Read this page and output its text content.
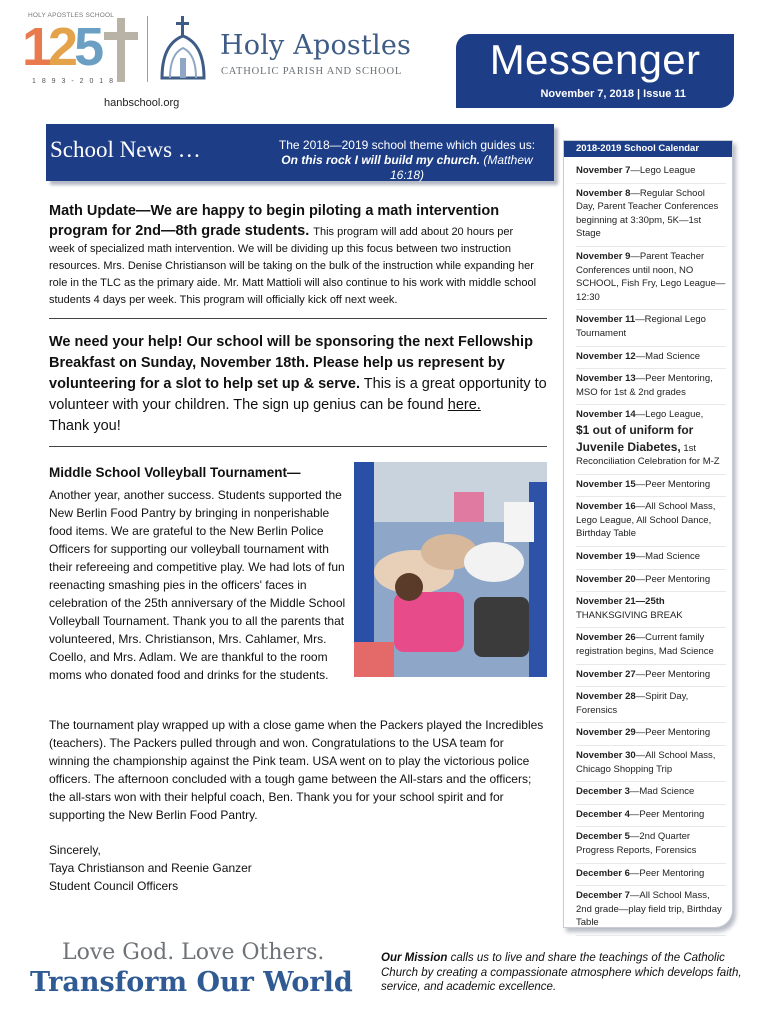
HOLY APOSTLES SCHOOL
125
1 8 9 3 - 2 0 1 8
Holy Apostles
CATHOLIC PARISH AND SCHOOL
hanbschool.org
Messenger
November 7, 2018 | Issue 11
School News …	The 2018—2019 school theme which guides us:
On this rock I will build my church. (Matthew 16:18)
Math Update—We are happy to begin piloting a math intervention program for 2nd—8th grade students. This program will add about 20 hours per
week of specialized math intervention. We will be dividing up this focus between two instruction resources. Mrs. Denise Christianson will be taking on the bulk of the instruction while expanding her role in the TLC as the primary aide. Mr. Matt Mattioli will also continue to his work with middle school students 4 days per week. This program will officially kick off next week.
We need your help! Our school will be sponsoring the next Fellowship Breakfast on Sunday, November 18th. Please help us represent by volunteering for a slot to help set up & serve. This is a great opportunity to volunteer with your children. The sign up genius can be found here.
Thank you!
Middle School Volleyball Tournament—
Another year, another success. Students supported the New Berlin Food Pantry by bringing in nonperishable food items. We are grateful to the New Berlin Police Officers for supporting our volleyball tournament with their refereeing and competitive play. We had lots of fun reenacting smashing pies in the officers' faces in celebration of the 25th anniversary of the Middle School Volleyball Tournament. Thank you to all the parents that volunteered, Mrs. Christianson, Mrs. Cahlamer, Mrs. Coello, and Mrs. Adlam. We are thankful to the room moms who donated food and drinks for the students.
The tournament play wrapped up with a close game when the Packers played the Incredibles (teachers). The Packers pulled through and won. Congratulations to the USA team for winning the championship against the Pink team. USA went on to play the victorious police officers. The afternoon concluded with a tough game between the All-stars and the officers; the all-stars won with their helpful coach, Ben. Thank you for your school spirit and for supporting the New Berlin Food Pantry.
Sincerely,
Taya Christianson and Reenie Ganzer
Student Council Officers
2018-2019 School Calendar
November 7—Lego League
November 8—Regular School Day, Parent Teacher Conferences beginning at 3:30pm, 5K—1st Stage
November 9—Parent Teacher Conferences until noon, NO SCHOOL, Fish Fry, Lego League—12:30
November 11—Regional Lego Tournament
November 12—Mad Science
November 13—Peer Mentoring, MSO for 1st & 2nd grades
November 14—Lego League,
$1 out of uniform for Juvenile Diabetes, 1st Reconciliation Celebration for M-Z
November 15—Peer Mentoring
November 16—All School Mass, Lego League, All School Dance, Birthday Table
November 19—Mad Science
November 20—Peer Mentoring
November 21—25th
THANKSGIVING BREAK
November 26—Current family registration begins, Mad Science
November 27—Peer Mentoring
November 28—Spirit Day, Forensics
November 29—Peer Mentoring
November 30—All School Mass, Chicago Shopping Trip
December 3—Mad Science
December 4—Peer Mentoring
December 5—2nd Quarter Progress Reports, Forensics
December 6—Peer Mentoring
December 7—All School Mass, 2nd grade—play field trip, Birthday Table
Love God. Love Others.
Transform Our World
Our Mission calls us to live and share the teachings of the Catholic Church by creating a compassionate atmosphere which develops faith, service, and academic excellence.
